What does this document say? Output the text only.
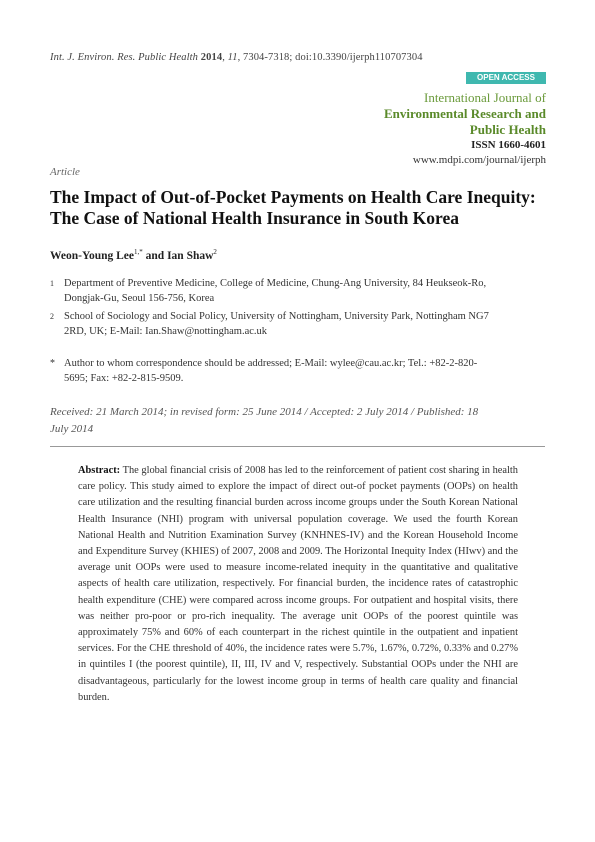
Int. J. Environ. Res. Public Health 2014, 11, 7304-7318; doi:10.3390/ijerph110707304
OPEN ACCESS
International Journal of
Environmental Research and
Public Health
ISSN 1660-4601
www.mdpi.com/journal/ijerph
Article
The Impact of Out-of-Pocket Payments on Health Care Inequity: The Case of National Health Insurance in South Korea
Weon-Young Lee$^{1,*}$ and Ian Shaw$^2$
1 Department of Preventive Medicine, College of Medicine, Chung-Ang University, 84 Heukseok-Ro, Dongjak-Gu, Seoul 156-756, Korea
2 School of Sociology and Social Policy, University of Nottingham, University Park, Nottingham NG7 2RD, UK; E-Mail: Ian.Shaw@nottingham.ac.uk
* Author to whom correspondence should be addressed; E-Mail: wylee@cau.ac.kr; Tel.: +82-2-820-5695; Fax: +82-2-815-9509.
Received: 21 March 2014; in revised form: 25 June 2014 / Accepted: 2 July 2014 / Published: 18 July 2014
Abstract: The global financial crisis of 2008 has led to the reinforcement of patient cost sharing in health care policy. This study aimed to explore the impact of direct out-of pocket payments (OOPs) on health care utilization and the resulting financial burden across income groups under the South Korean National Health Insurance (NHI) program with universal population coverage. We used the fourth Korean National Health and Nutrition Examination Survey (KNHNES-IV) and the Korean Household Income and Expenditure Survey (KHIES) of 2007, 2008 and 2009. The Horizontal Inequity Index (HIwv) and the average unit OOPs were used to measure income-related inequity in the quantitative and qualitative aspects of health care utilization, respectively. For financial burden, the incidence rates of catastrophic health expenditure (CHE) were compared across income groups. For outpatient and hospital visits, there was neither pro-poor or pro-rich inequality. The average unit OOPs of the poorest quintile was approximately 75% and 60% of each counterpart in the richest quintile in the outpatient and inpatient services. For the CHE threshold of 40%, the incidence rates were 5.7%, 1.67%, 0.72%, 0.33% and 0.27% in quintiles I (the poorest quintile), II, III, IV and V, respectively. Substantial OOPs under the NHI are disadvantageous, particularly for the lowest income group in terms of health care quality and financial burden.
